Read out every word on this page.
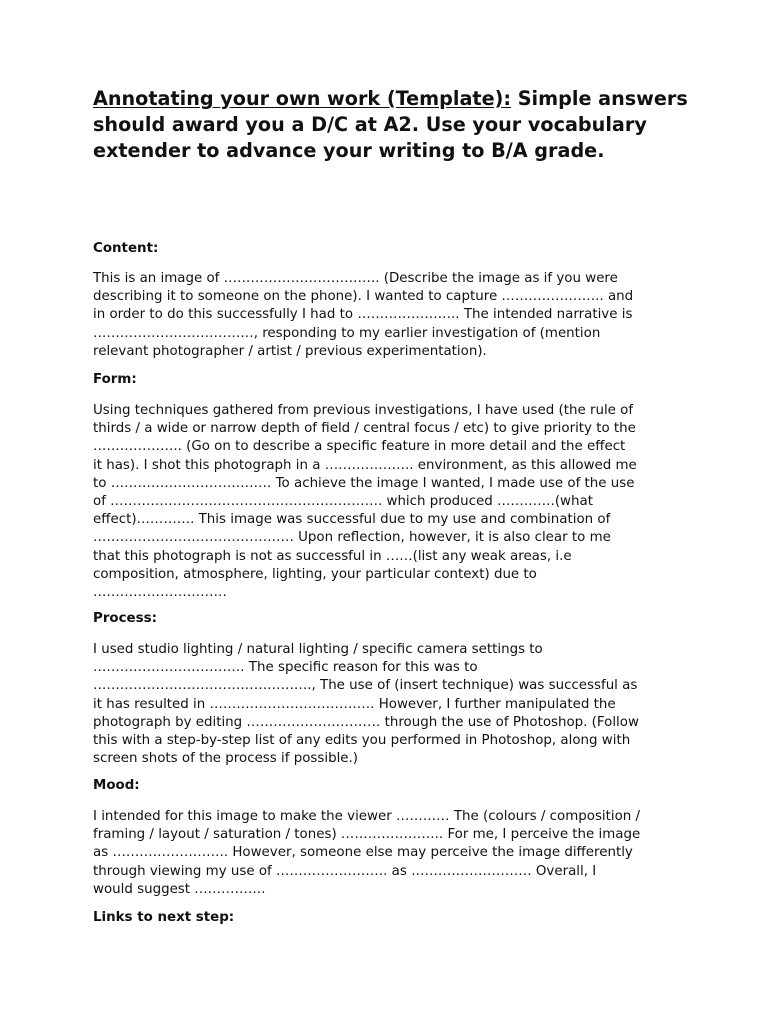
Annotating your own work (Template): Simple answers should award you a D/C at A2. Use your vocabulary extender to advance your writing to B/A grade.
Content:

This is an image of …………………………….. (Describe the image as if you were
describing it to someone on the phone). I wanted to capture ………………….. and
in order to do this successfully I had to ………………….. The intended narrative is
………………………………, responding to my earlier investigation of (mention
relevant photographer / artist / previous experimentation).

Form:

Using techniques gathered from previous investigations, I have used (the rule of
thirds / a wide or narrow depth of field / central focus / etc) to give priority to the
……………….. (Go on to describe a specific feature in more detail and the effect
it has). I shot this photograph in a ……………….. environment, as this allowed me
to ……………………………… To achieve the image I wanted, I made use of the use
of ……………………………………………………. which produced ………….(what
effect)…………. This image was successful due to my use and combination of
……………………………………… Upon reflection, however, it is also clear to me
that this photograph is not as successful in ……(list any weak areas, i.e
composition, atmosphere, lighting, your particular context) due to
…………………………

Process:

I used studio lighting / natural lighting / specific camera settings to
……………………………. The specific reason for this was to
…………………………………………., The use of (insert technique) was successful as
it has resulted in ………………………………. However, I further manipulated the
photograph by editing ………………………… through the use of Photoshop. (Follow
this with a step-by-step list of any edits you performed in Photoshop, along with
screen shots of the process if possible.)

Mood:

I intended for this image to make the viewer ………… The (colours / composition /
framing / layout / saturation / tones) ………………….. For me, I perceive the image
as …………………….. However, someone else may perceive the image differently
through viewing my use of ……………………. as ……………………… Overall, I
would suggest …………….

Links to next step:
